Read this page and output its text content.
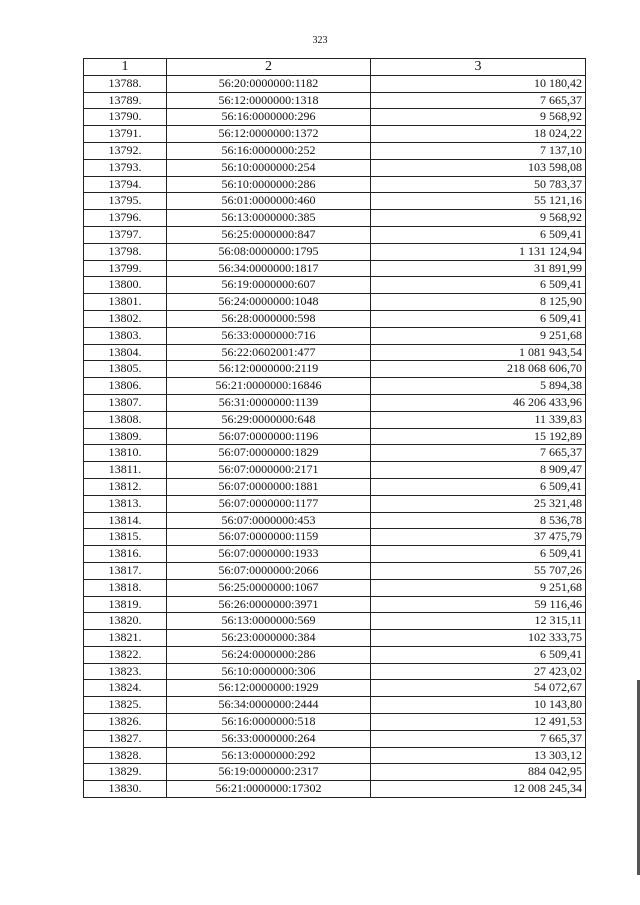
323
1	2	3
13788.	56:20:0000000:1182	10 180,42
13789.	56:12:0000000:1318	7 665,37
13790.	56:16:0000000:296	9 568,92
13791.	56:12:0000000:1372	18 024,22
13792.	56:16:0000000:252	7 137,10
13793.	56:10:0000000:254	103 598,08
13794.	56:10:0000000:286	50 783,37
13795.	56:01:0000000:460	55 121,16
13796.	56:13:0000000:385	9 568,92
13797.	56:25:0000000:847	6 509,41
13798.	56:08:0000000:1795	1 131 124,94
13799.	56:34:0000000:1817	31 891,99
13800.	56:19:0000000:607	6 509,41
13801.	56:24:0000000:1048	8 125,90
13802.	56:28:0000000:598	6 509,41
13803.	56:33:0000000:716	9 251,68
13804.	56:22:0602001:477	1 081 943,54
13805.	56:12:0000000:2119	218 068 606,70
13806.	56:21:0000000:16846	5 894,38
13807.	56:31:0000000:1139	46 206 433,96
13808.	56:29:0000000:648	11 339,83
13809.	56:07:0000000:1196	15 192,89
13810.	56:07:0000000:1829	7 665,37
13811.	56:07:0000000:2171	8 909,47
13812.	56:07:0000000:1881	6 509,41
13813.	56:07:0000000:1177	25 321,48
13814.	56:07:0000000:453	8 536,78
13815.	56:07:0000000:1159	37 475,79
13816.	56:07:0000000:1933	6 509,41
13817.	56:07:0000000:2066	55 707,26
13818.	56:25:0000000:1067	9 251,68
13819.	56:26:0000000:3971	59 116,46
13820.	56:13:0000000:569	12 315,11
13821.	56:23:0000000:384	102 333,75
13822.	56:24:0000000:286	6 509,41
13823.	56:10:0000000:306	27 423,02
13824.	56:12:0000000:1929	54 072,67
13825.	56:34:0000000:2444	10 143,80
13826.	56:16:0000000:518	12 491,53
13827.	56:33:0000000:264	7 665,37
13828.	56:13:0000000:292	13 303,12
13829.	56:19:0000000:2317	884 042,95
13830.	56:21:0000000:17302	12 008 245,34
